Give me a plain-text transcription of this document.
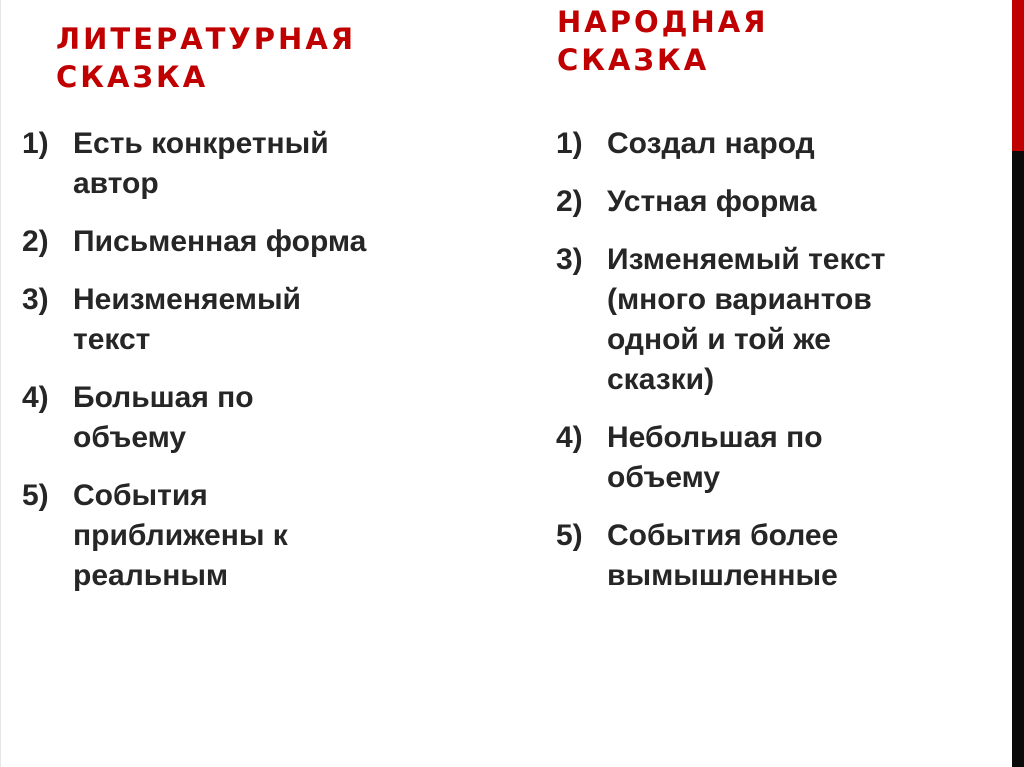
ЛИТЕРАТУРНАЯ
СКАЗКА
НАРОДНАЯ
СКАЗКА
1) Есть конкретный
автор
2) Письменная форма
3) Неизменяемый
текст
4) Большая по
объему
5) События
приближены к
реальным
1) Создал народ
2) Устная форма
3) Изменяемый текст
(много вариантов
одной и той же
сказки)
4) Небольшая по
объему
5) События более
вымышленные
